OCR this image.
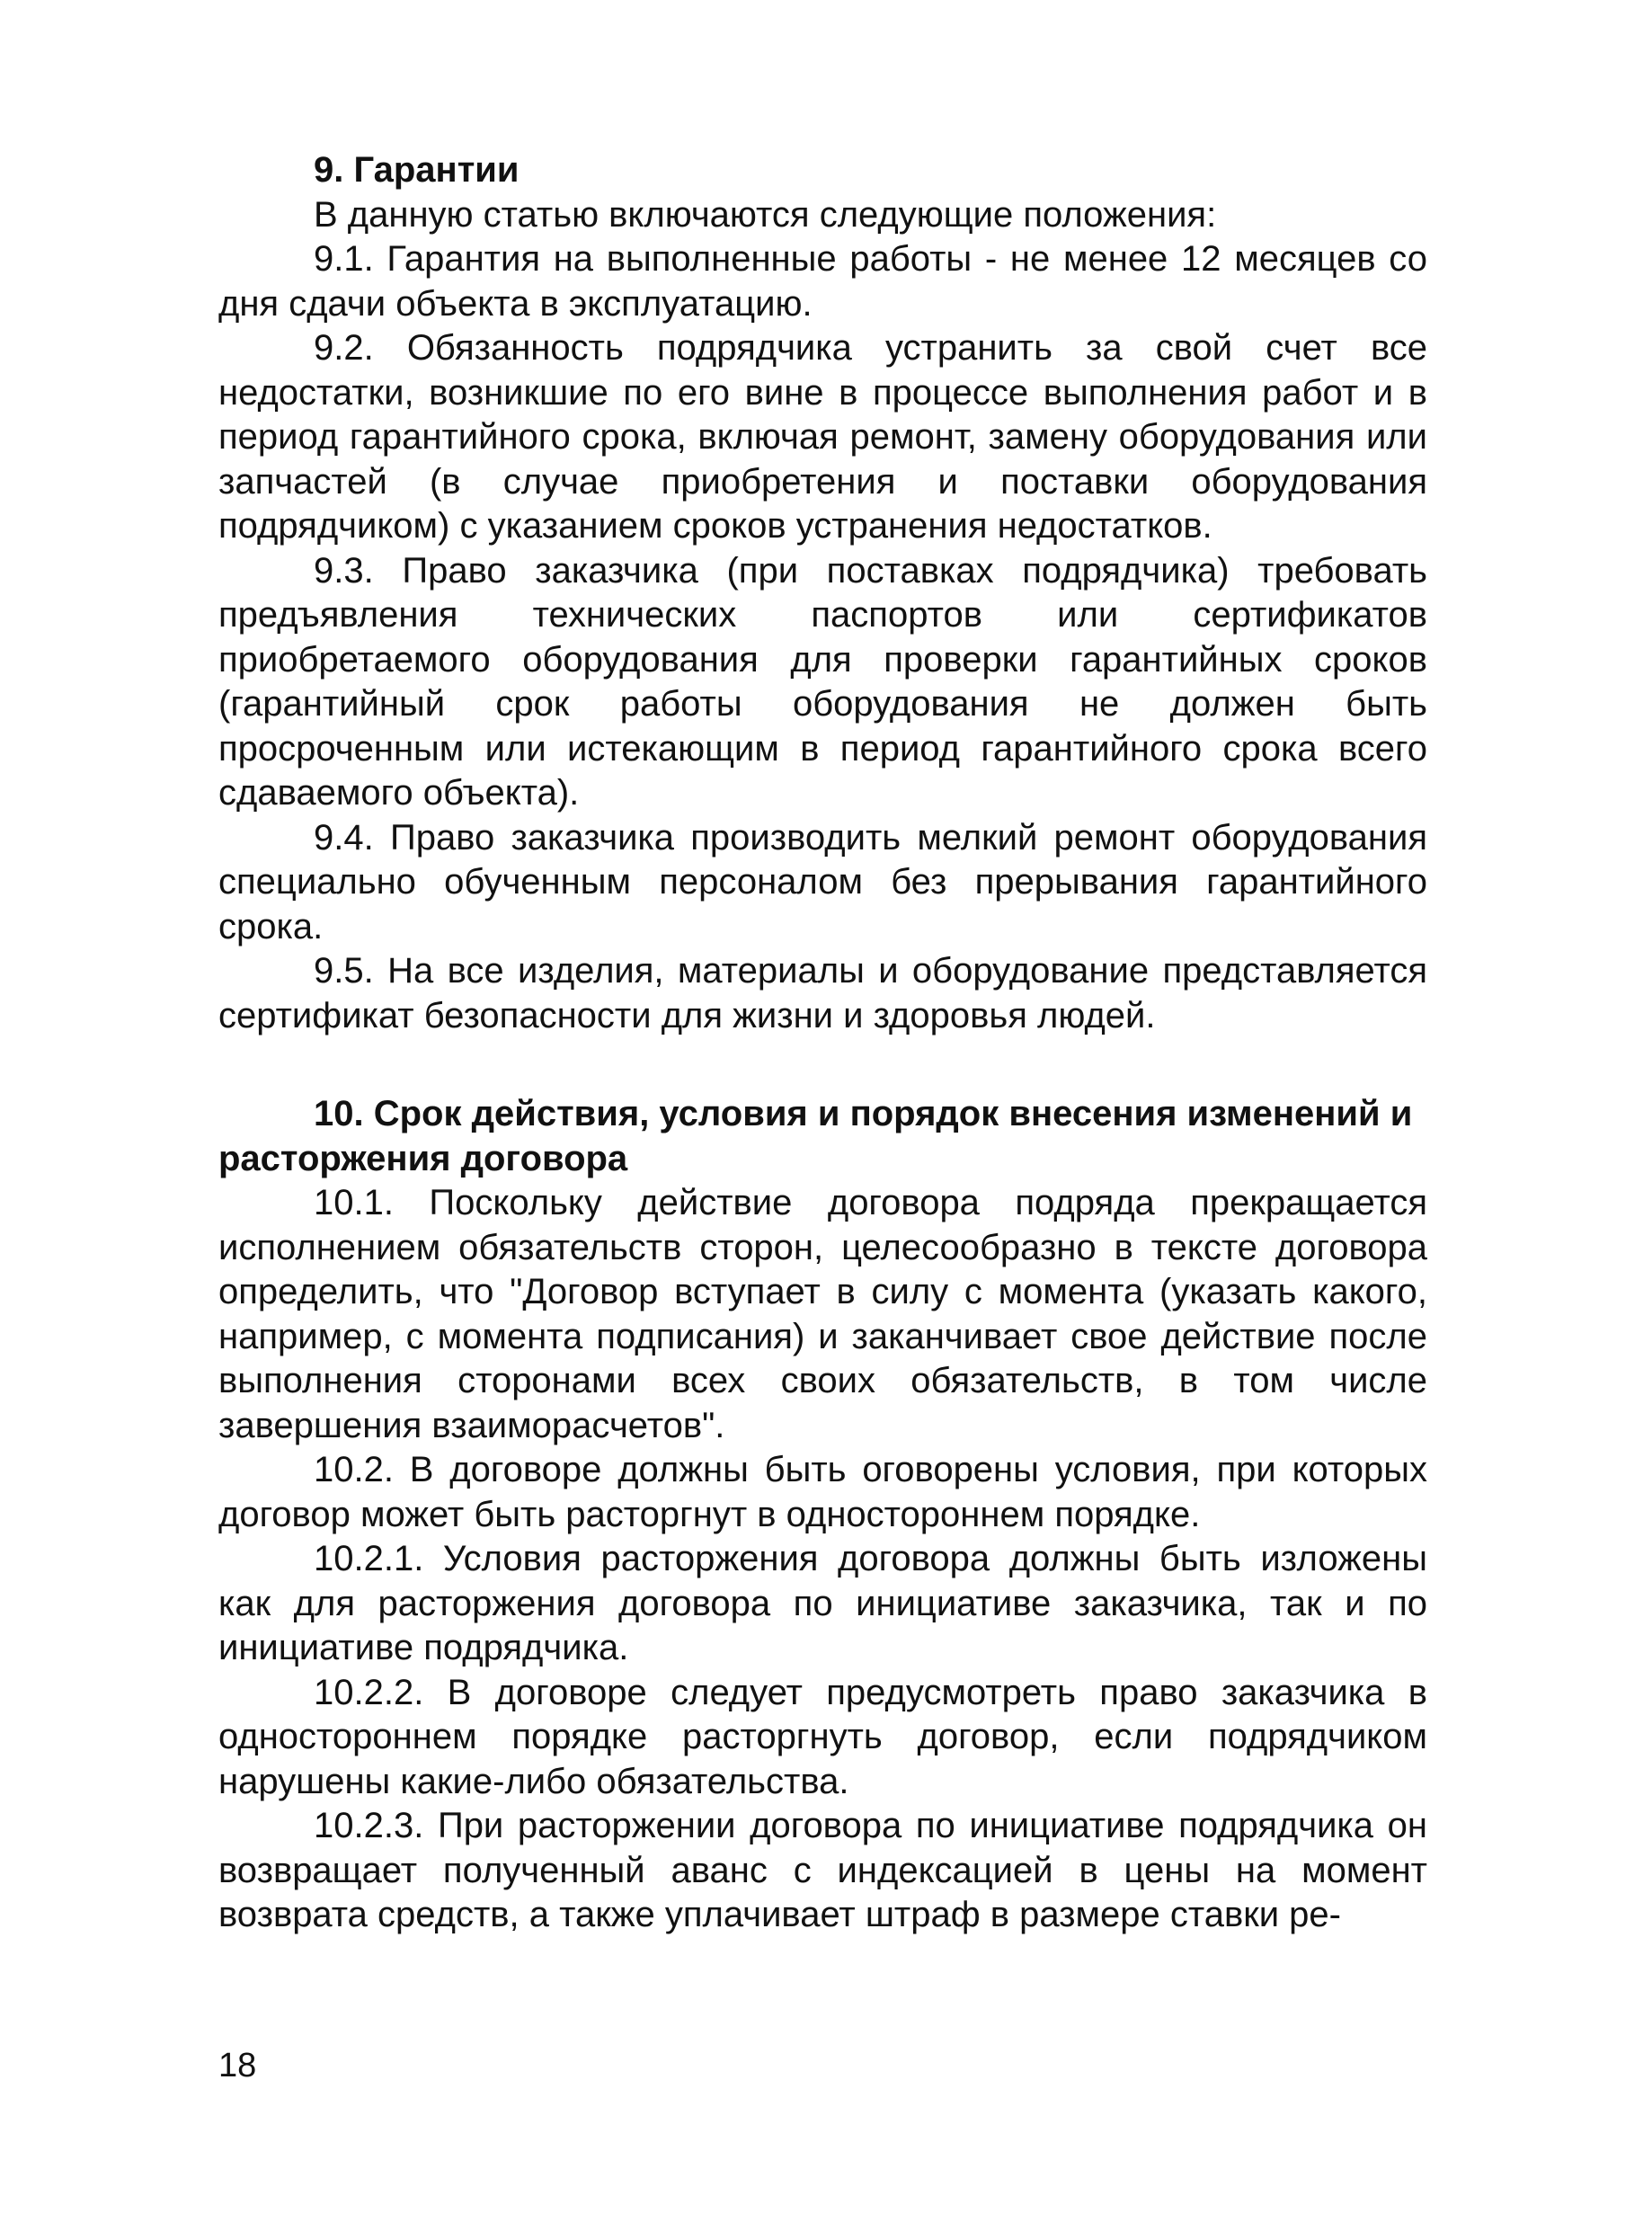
9. Гарантии

В данную статью включаются следующие положения:

9.1. Гарантия на выполненные работы - не менее 12 месяцев со дня сдачи объекта в эксплуатацию.

9.2. Обязанность подрядчика устранить за свой счет все недостатки, возникшие по его вине в процессе выполнения работ и в период гарантийного срока, включая ремонт, замену оборудования или запчастей (в случае приобретения и поставки оборудования подрядчиком) с указанием сроков устранения недостатков.

9.3. Право заказчика (при поставках подрядчика) требовать предъявления технических паспортов или сертификатов приобретаемого оборудования для проверки гарантийных сроков (гарантийный срок работы оборудования не должен быть просроченным или истекающим в период гарантийного срока всего сдаваемого объекта).

9.4. Право заказчика производить мелкий ремонт оборудования специально обученным персоналом без прерывания гарантийного срока.

9.5. На все изделия, материалы и оборудование представляется сертификат безопасности для жизни и здоровья людей.

10. Срок действия, условия и порядок внесения изменений и расторжения договора

10.1. Поскольку действие договора подряда прекращается исполнением обязательств сторон, целесообразно в тексте договора определить, что "Договор вступает в силу с момента (указать какого, например, с момента подписания) и заканчивает свое действие после выполнения сторонами всех своих обязательств, в том числе завершения взаиморасчетов".

10.2. В договоре должны быть оговорены условия, при которых договор может быть расторгнут в одностороннем порядке.

10.2.1. Условия расторжения договора должны быть изложены как для расторжения договора по инициативе заказчика, так и по инициативе подрядчика.

10.2.2. В договоре следует предусмотреть право заказчика в одностороннем порядке расторгнуть договор, если подрядчиком нарушены какие-либо обязательства.

10.2.3. При расторжении договора по инициативе подрядчика он возвращает полученный аванс с индексацией в цены на момент возврата средств, а также уплачивает штраф в размере ставки ре-

18
